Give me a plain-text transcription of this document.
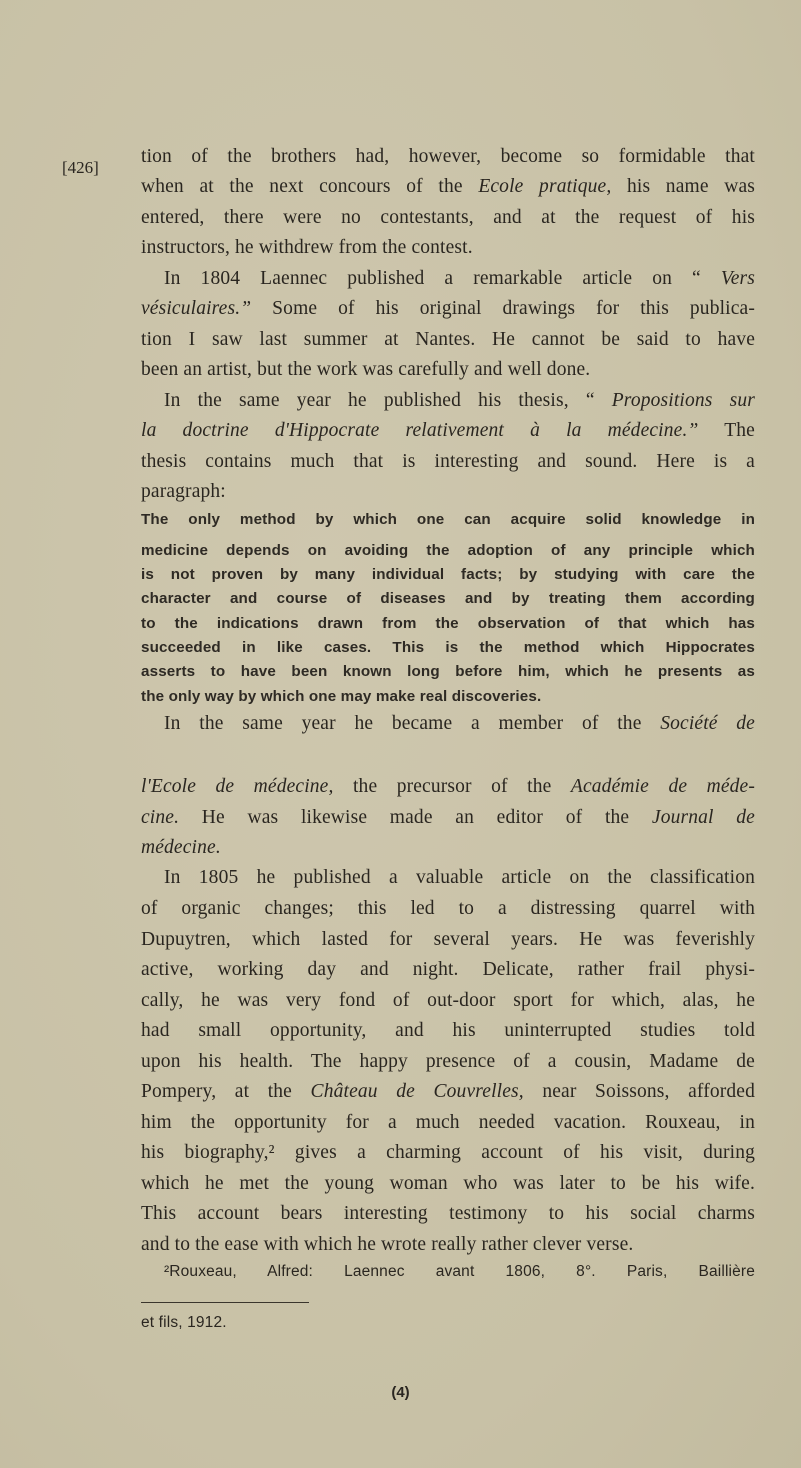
[426]
tion of the brothers had, however, become so formidable that
when at the next concours of the Ecole pratique, his name was
entered, there were no contestants, and at the request of his
instructors, he withdrew from the contest.
In 1804 Laennec published a remarkable article on “ Vers
vésiculaires.” Some of his original drawings for this publica-
tion I saw last summer at Nantes. He cannot be said to have
been an artist, but the work was carefully and well done.
In the same year he published his thesis, “ Propositions sur
la doctrine d'Hippocrate relativement à la médecine.” The
thesis contains much that is interesting and sound. Here is a
paragraph:
The only method by which one can acquire solid knowledge in
medicine depends on avoiding the adoption of any principle which
is not proven by many individual facts; by studying with care the
character and course of diseases and by treating them according
to the indications drawn from the observation of that which has
succeeded in like cases. This is the method which Hippocrates
asserts to have been known long before him, which he presents as
the only way by which one may make real discoveries.
In the same year he became a member of the Société de
l'Ecole de médecine, the precursor of the Académie de méde-
cine. He was likewise made an editor of the Journal de
médecine.
In 1805 he published a valuable article on the classification
of organic changes; this led to a distressing quarrel with
Dupuytren, which lasted for several years. He was feverishly
active, working day and night. Delicate, rather frail physi-
cally, he was very fond of out-door sport for which, alas, he
had small opportunity, and his uninterrupted studies told
upon his health. The happy presence of a cousin, Madame de
Pompery, at the Château de Couvrelles, near Soissons, afforded
him the opportunity for a much needed vacation. Rouxeau, in
his biography,² gives a charming account of his visit, during
which he met the young woman who was later to be his wife.
This account bears interesting testimony to his social charms
and to the ease with which he wrote really rather clever verse.
²Rouxeau, Alfred: Laennec avant 1806, 8°. Paris, Baillière
et fils, 1912.
(4)
